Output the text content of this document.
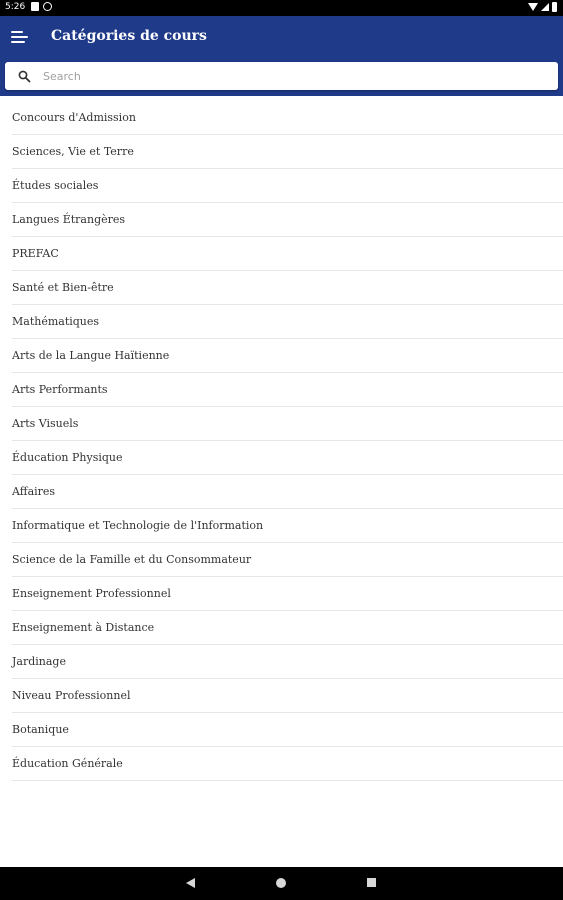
5:26
Catégories de cours
Search
Concours d'Admission
Sciences, Vie et Terre
Études sociales
Langues Étrangères
PREFAC
Santé et Bien-être
Mathématiques
Arts de la Langue Haïtienne
Arts Performants
Arts Visuels
Éducation Physique
Affaires
Informatique et Technologie de l'Information
Science de la Famille et du Consommateur
Enseignement Professionnel
Enseignement à Distance
Jardinage
Niveau Professionnel
Botanique
Éducation Générale
